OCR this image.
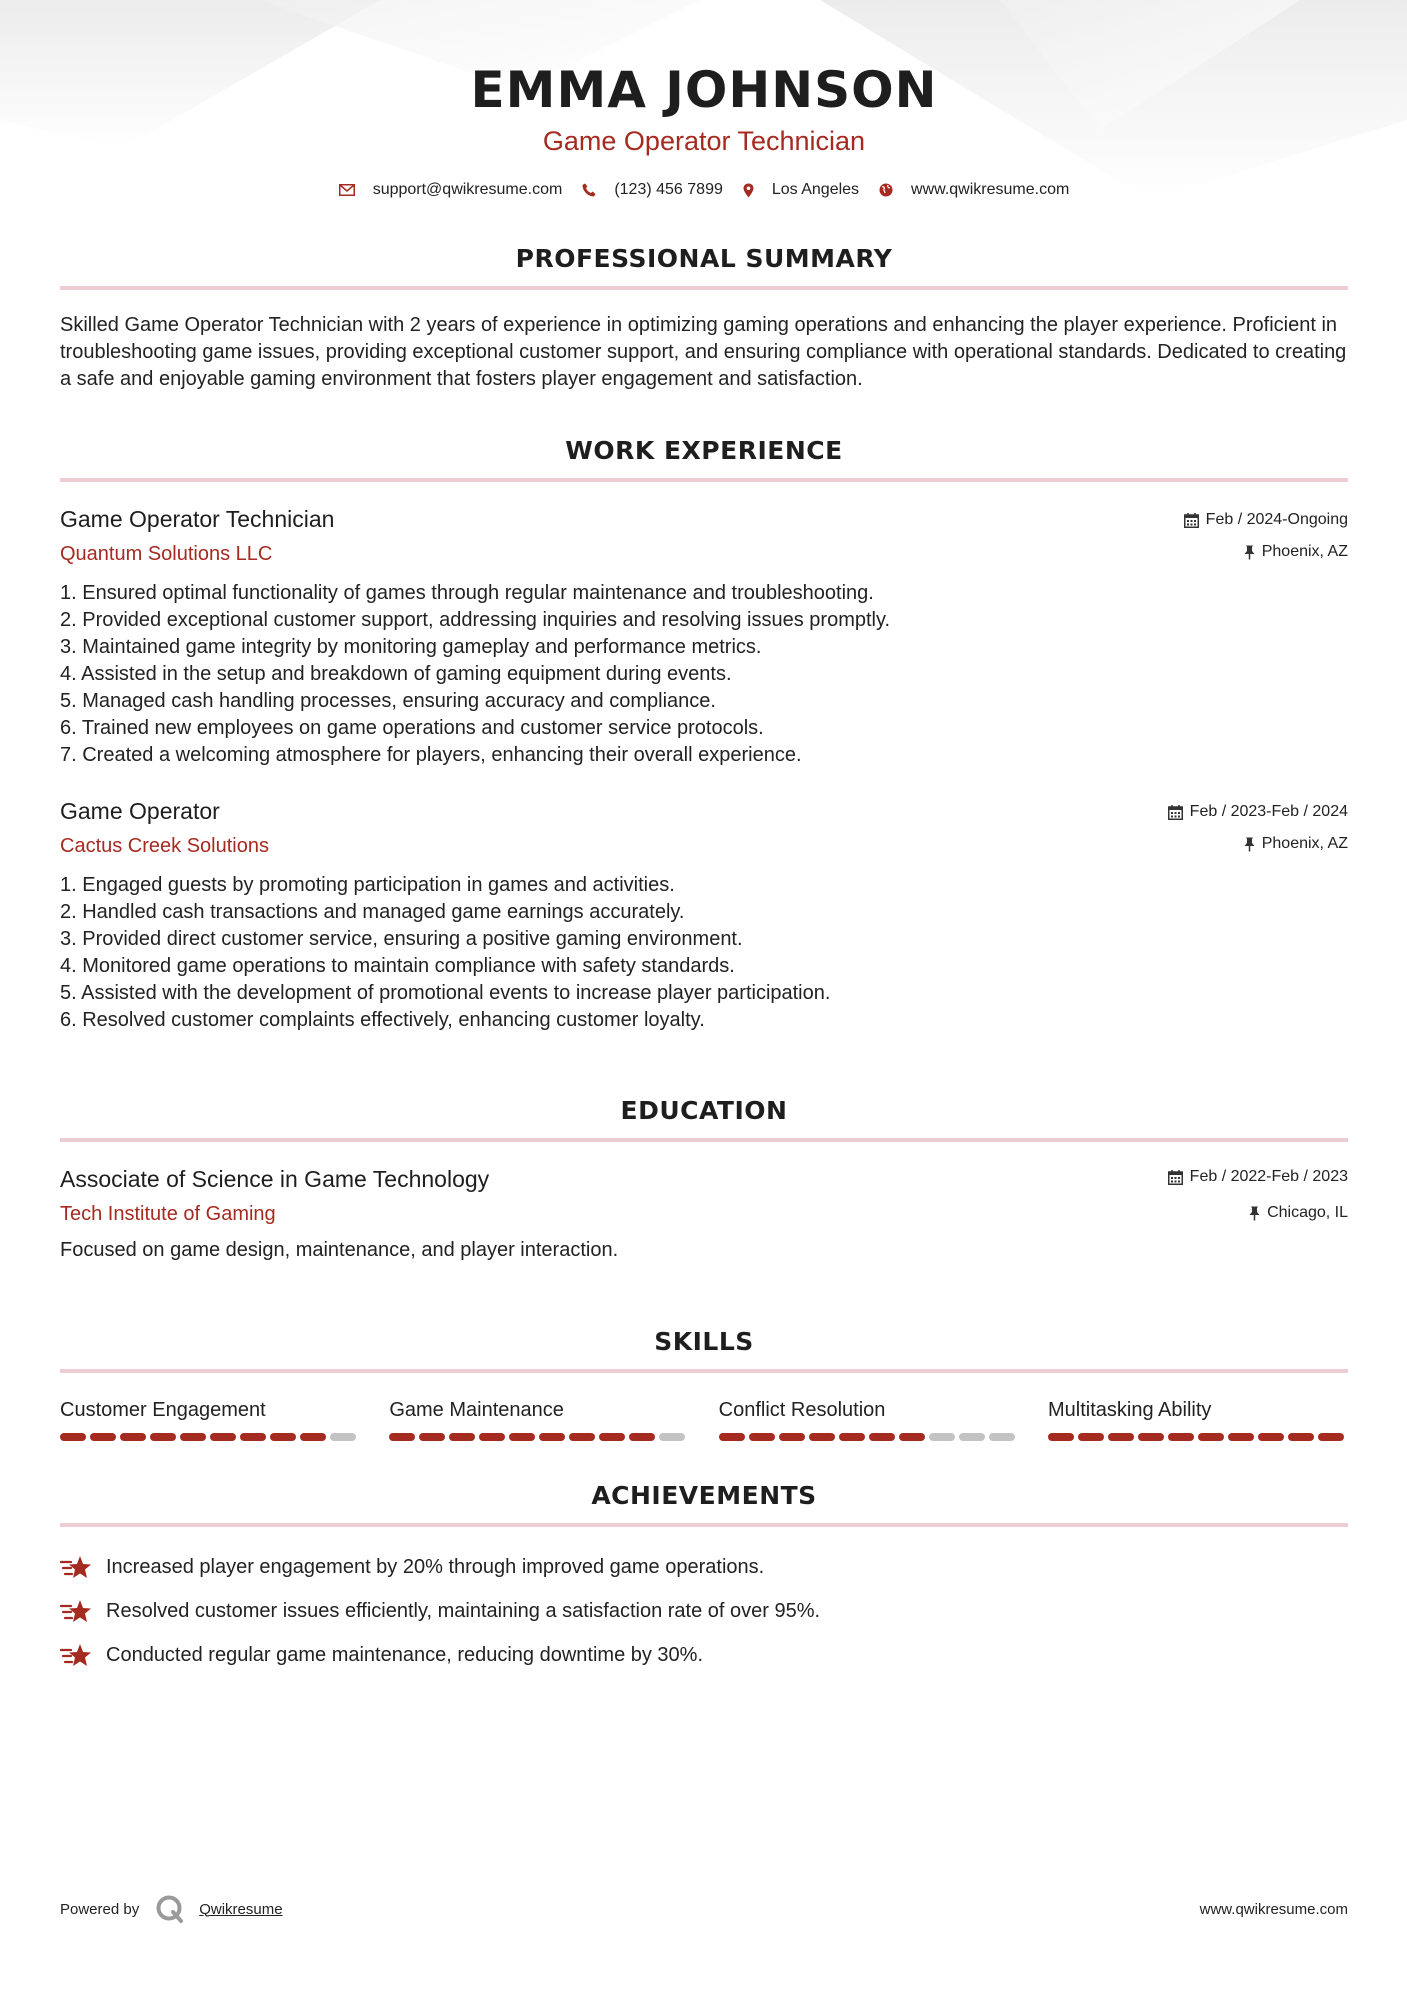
EMMA JOHNSON
Game Operator Technician
support@qwikresume.com	(123) 456 7899	Los Angeles	www.qwikresume.com
PROFESSIONAL SUMMARY
Skilled Game Operator Technician with 2 years of experience in optimizing gaming operations and enhancing the player experience. Proficient in troubleshooting game issues, providing exceptional customer support, and ensuring compliance with operational standards. Dedicated to creating a safe and enjoyable gaming environment that fosters player engagement and satisfaction.
WORK EXPERIENCE
Game Operator Technician
Quantum Solutions LLC
Feb / 2024-Ongoing
Phoenix, AZ
1. Ensured optimal functionality of games through regular maintenance and troubleshooting.
2. Provided exceptional customer support, addressing inquiries and resolving issues promptly.
3. Maintained game integrity by monitoring gameplay and performance metrics.
4. Assisted in the setup and breakdown of gaming equipment during events.
5. Managed cash handling processes, ensuring accuracy and compliance.
6. Trained new employees on game operations and customer service protocols.
7. Created a welcoming atmosphere for players, enhancing their overall experience.
Game Operator
Cactus Creek Solutions
Feb / 2023-Feb / 2024
Phoenix, AZ
1. Engaged guests by promoting participation in games and activities.
2. Handled cash transactions and managed game earnings accurately.
3. Provided direct customer service, ensuring a positive gaming environment.
4. Monitored game operations to maintain compliance with safety standards.
5. Assisted with the development of promotional events to increase player participation.
6. Resolved customer complaints effectively, enhancing customer loyalty.
EDUCATION
Associate of Science in Game Technology
Tech Institute of Gaming
Feb / 2022-Feb / 2023
Chicago, IL
Focused on game design, maintenance, and player interaction.
SKILLS
Customer Engagement	Game Maintenance	Conflict Resolution	Multitasking Ability
ACHIEVEMENTS
Increased player engagement by 20% through improved game operations.
Resolved customer issues efficiently, maintaining a satisfaction rate of over 95%.
Conducted regular game maintenance, reducing downtime by 30%.
Powered by	Qwikresume	www.qwikresume.com
